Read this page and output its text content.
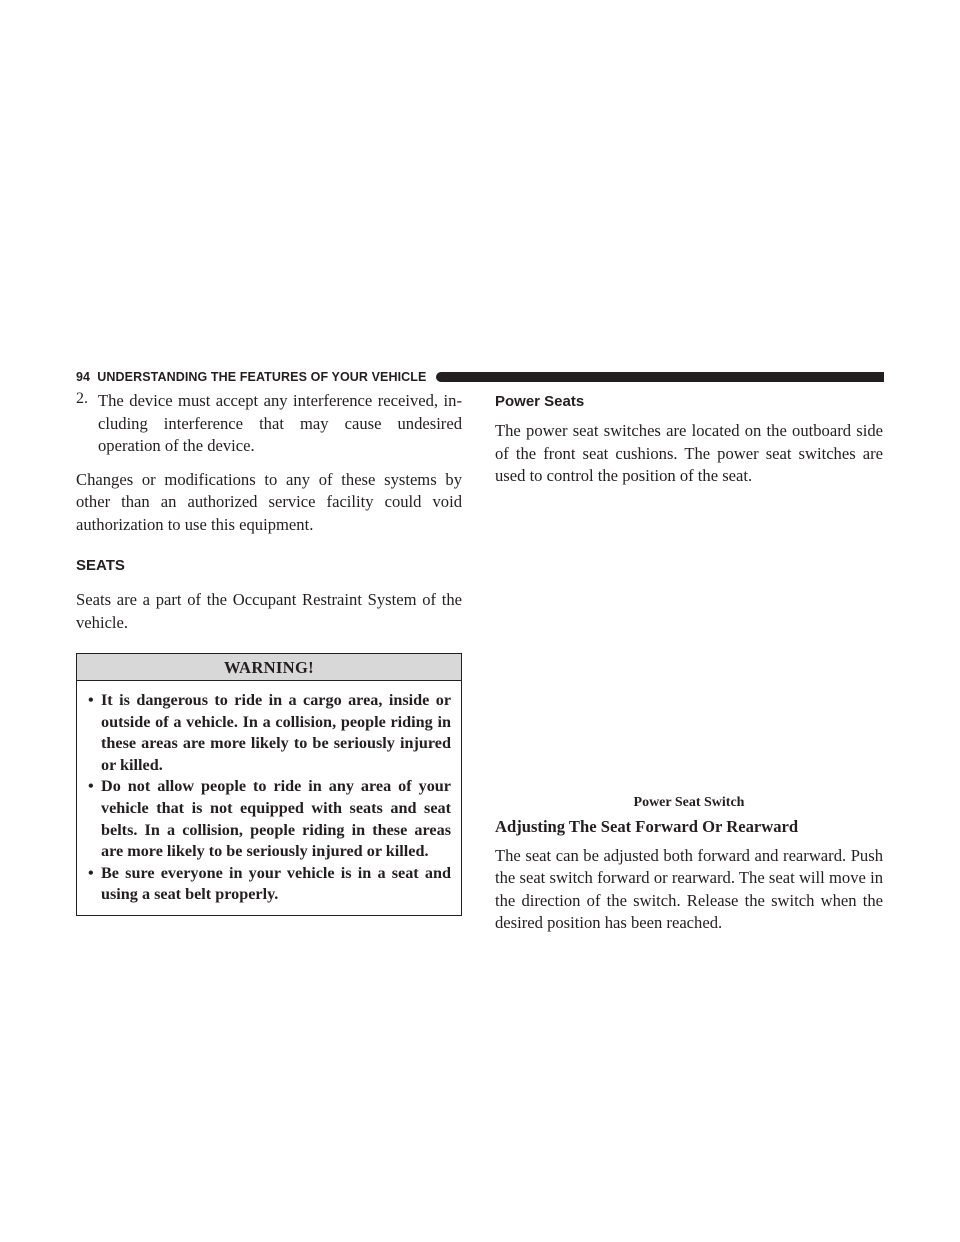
94 UNDERSTANDING THE FEATURES OF YOUR VEHICLE
2. The device must accept any interference received, in-cluding interference that may cause undesired operation of the device.

Changes or modifications to any of these systems by other than an authorized service facility could void authorization to use this equipment.

SEATS

Seats are a part of the Occupant Restraint System of the vehicle.

WARNING!
• It is dangerous to ride in a cargo area, inside or outside of a vehicle. In a collision, people riding in these areas are more likely to be seriously injured or killed.
• Do not allow people to ride in any area of your vehicle that is not equipped with seats and seat belts. In a collision, people riding in these areas are more likely to be seriously injured or killed.
• Be sure everyone in your vehicle is in a seat and using a seat belt properly.
Power Seats

The power seat switches are located on the outboard side of the front seat cushions. The power seat switches are used to control the position of the seat.

Power Seat Switch
Adjusting The Seat Forward Or Rearward

The seat can be adjusted both forward and rearward. Push the seat switch forward or rearward. The seat will move in the direction of the switch. Release the switch when the desired position has been reached.
